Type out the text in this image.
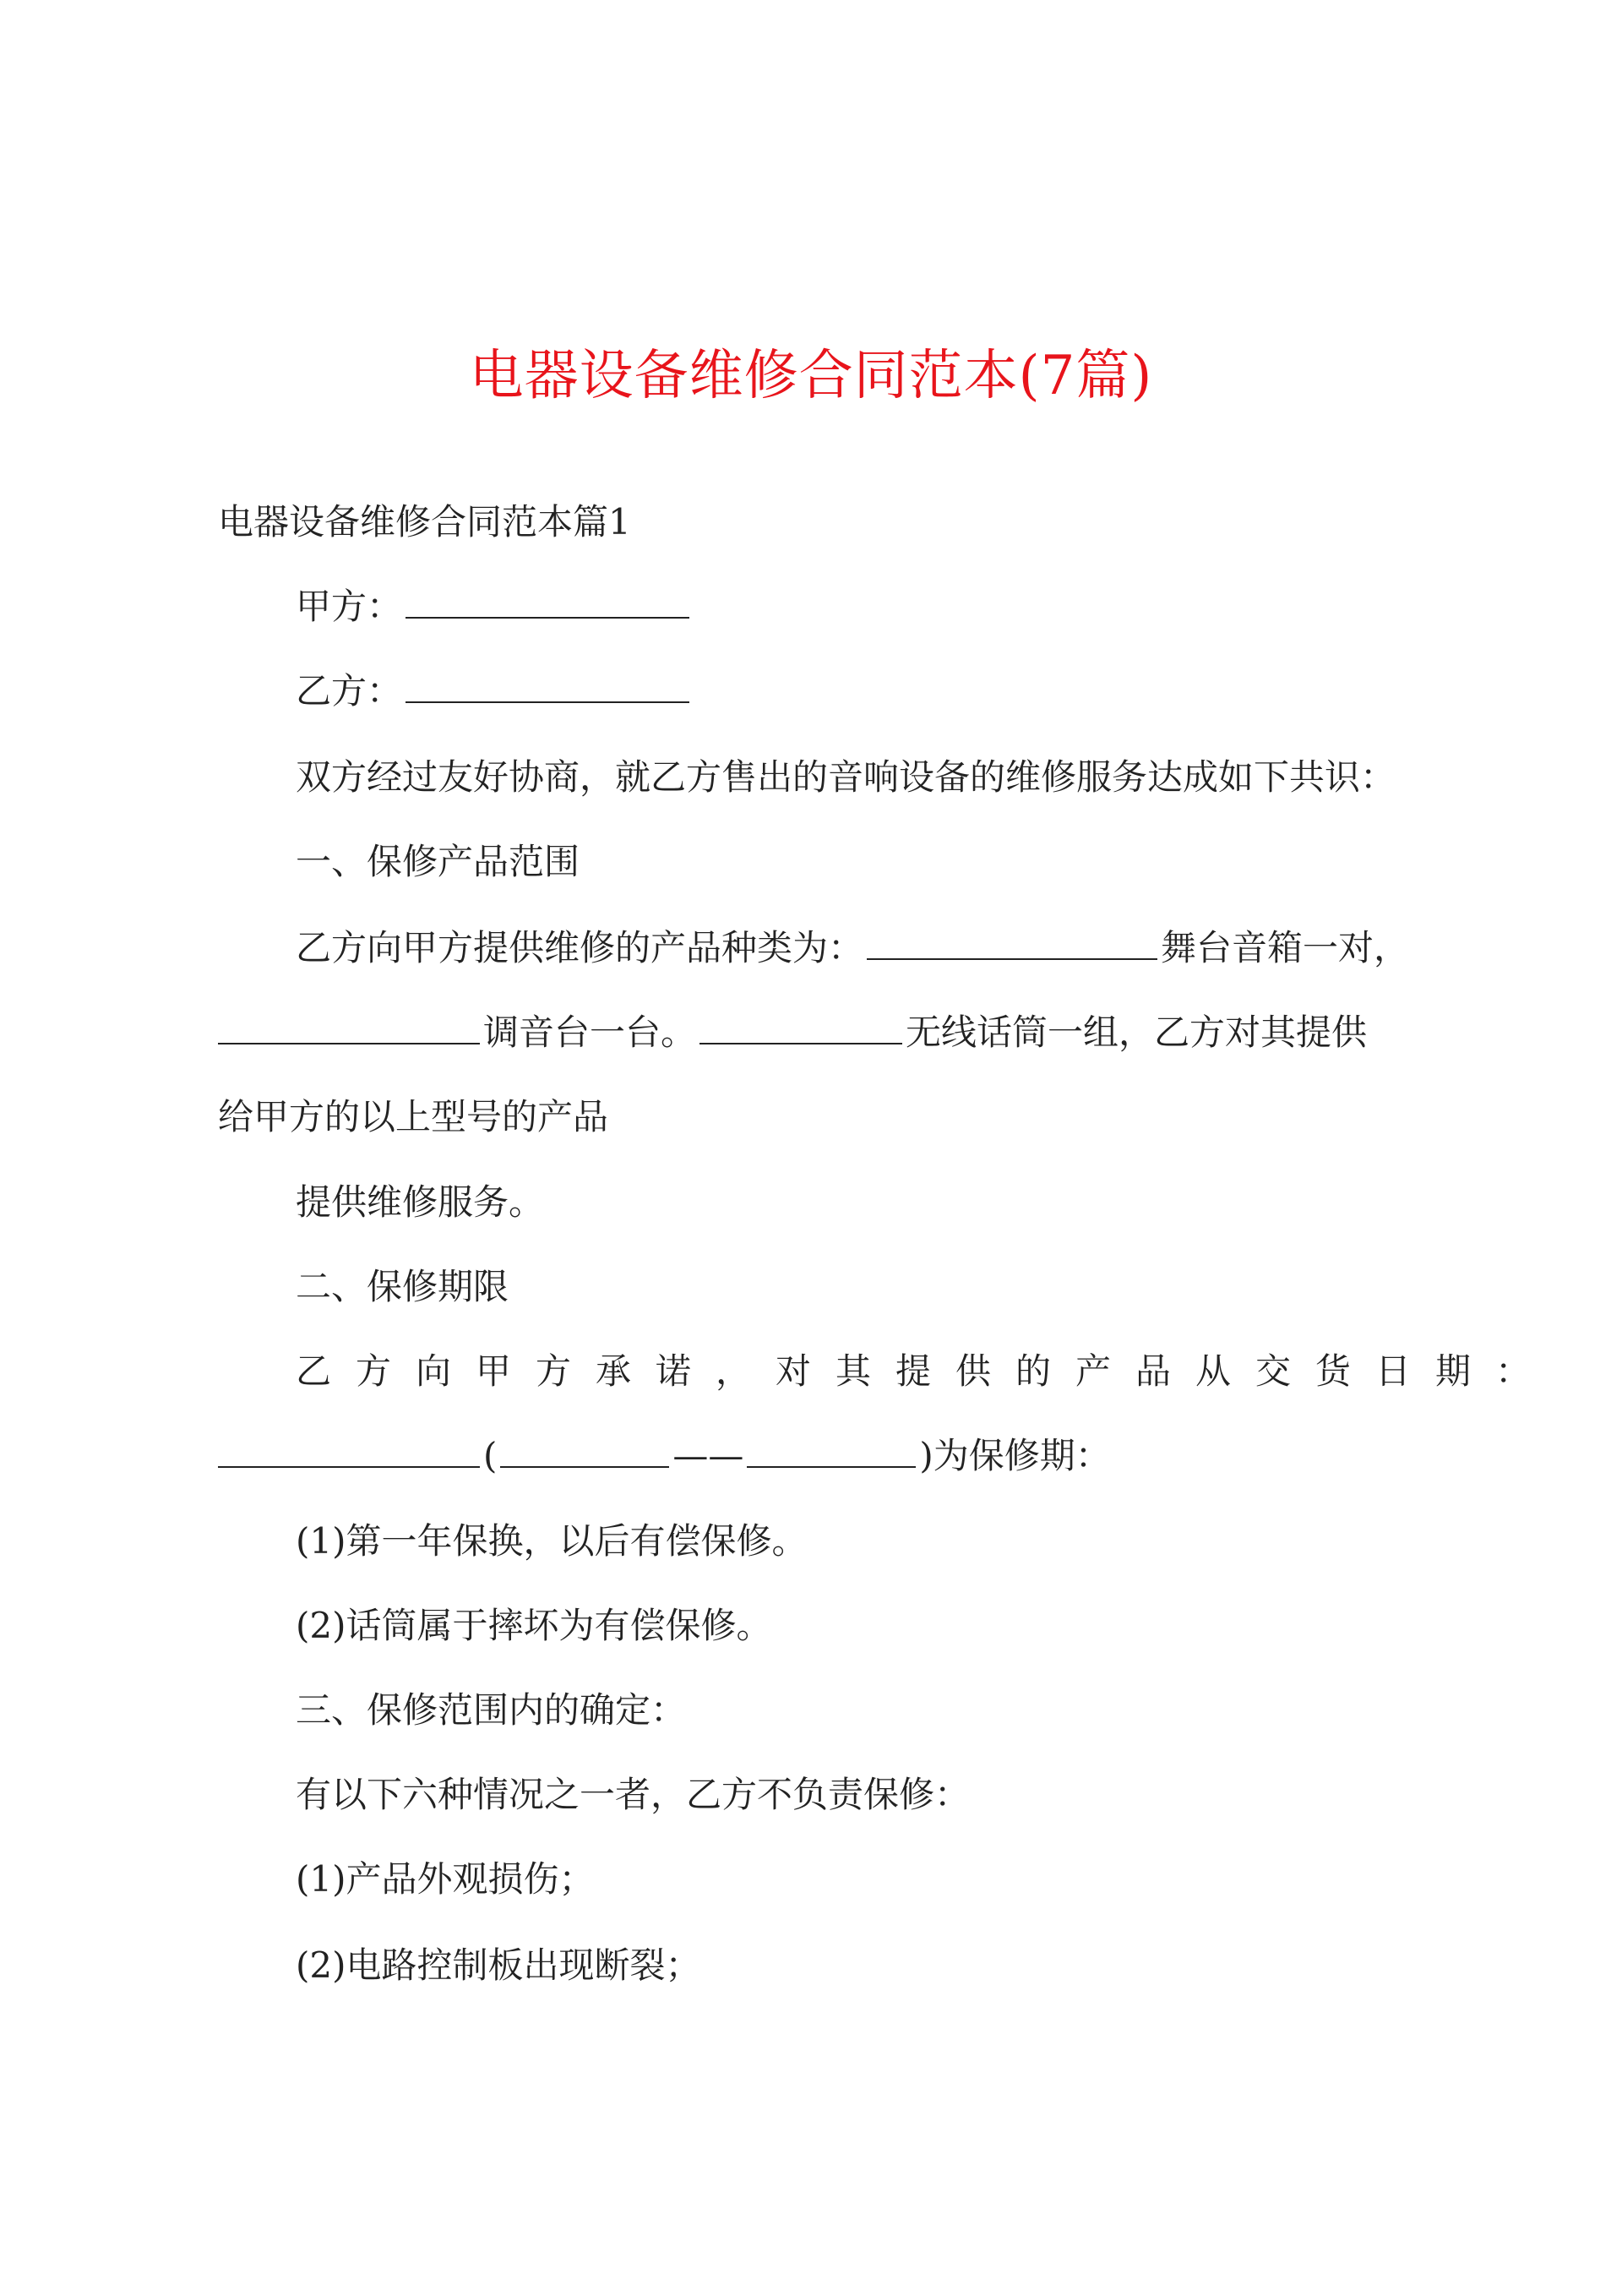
电器设备维修合同范本(7篇)
电器设备维修合同范本篇1
甲方：
乙方：
双方经过友好协商，就乙方售出的音响设备的维修服务达成如下共识：
一、保修产品范围
乙方向甲方提供维修的产品种类为：	舞台音箱一对，
调音台一台。	无线话筒一组，乙方对其提供
给甲方的以上型号的产品
提供维修服务。
二、保修期限
乙方向甲方承诺，对其提供的产品从交货日期：
(	——	)为保修期：
(1)第一年保换，以后有偿保修。
(2)话筒属于摔坏为有偿保修。
三、保修范围内的确定：
有以下六种情况之一者，乙方不负责保修：
(1)产品外观损伤；
(2)电路控制板出现断裂；
